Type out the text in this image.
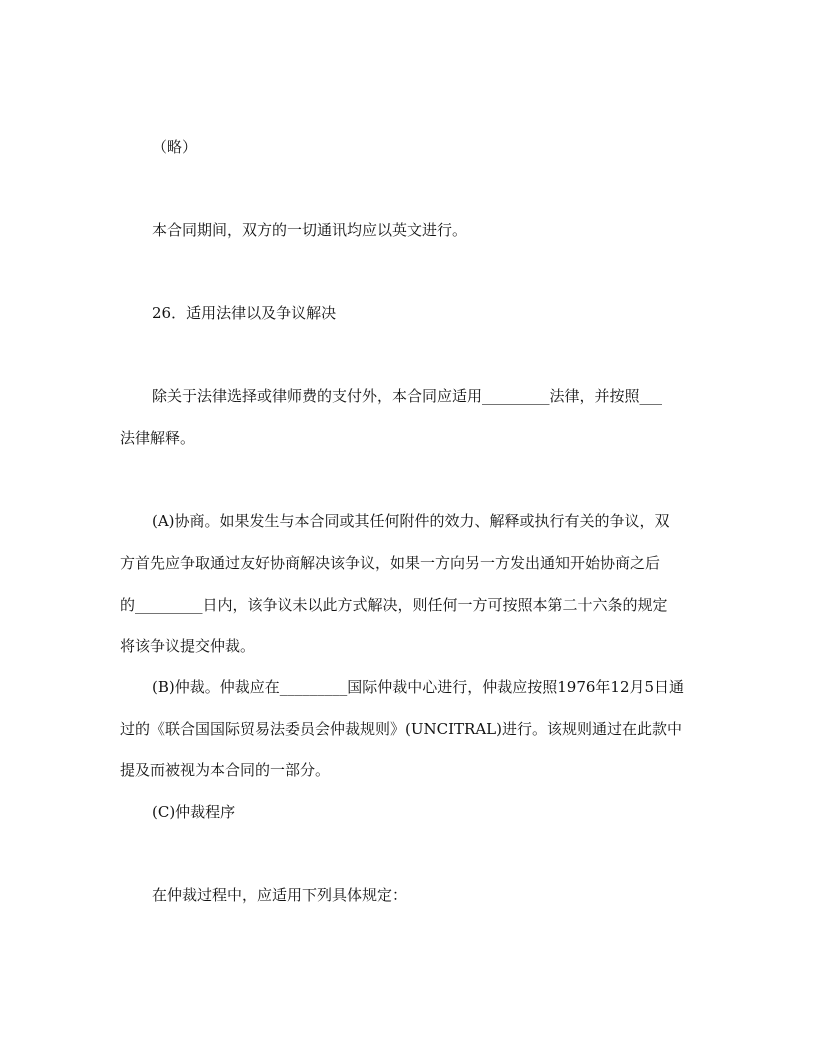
（略）
本合同期间，双方的一切通讯均应以英文进行。
26．适用法律以及争议解决
除关于法律选择或律师费的支付外，本合同应适用_________法律，并按照___
法律解释。
(A)协商。如果发生与本合同或其任何附件的效力、解释或执行有关的争议，双
方首先应争取通过友好协商解决该争议，如果一方向另一方发出通知开始协商之后
的_________日内，该争议未以此方式解决，则任何一方可按照本第二十六条的规定
将该争议提交仲裁。
(B)仲裁。仲裁应在_________国际仲裁中心进行，仲裁应按照1976年12月5日通
过的《联合国国际贸易法委员会仲裁规则》(UNCITRAL)进行。该规则通过在此款中
提及而被视为本合同的一部分。
(C)仲裁程序
在仲裁过程中，应适用下列具体规定：
